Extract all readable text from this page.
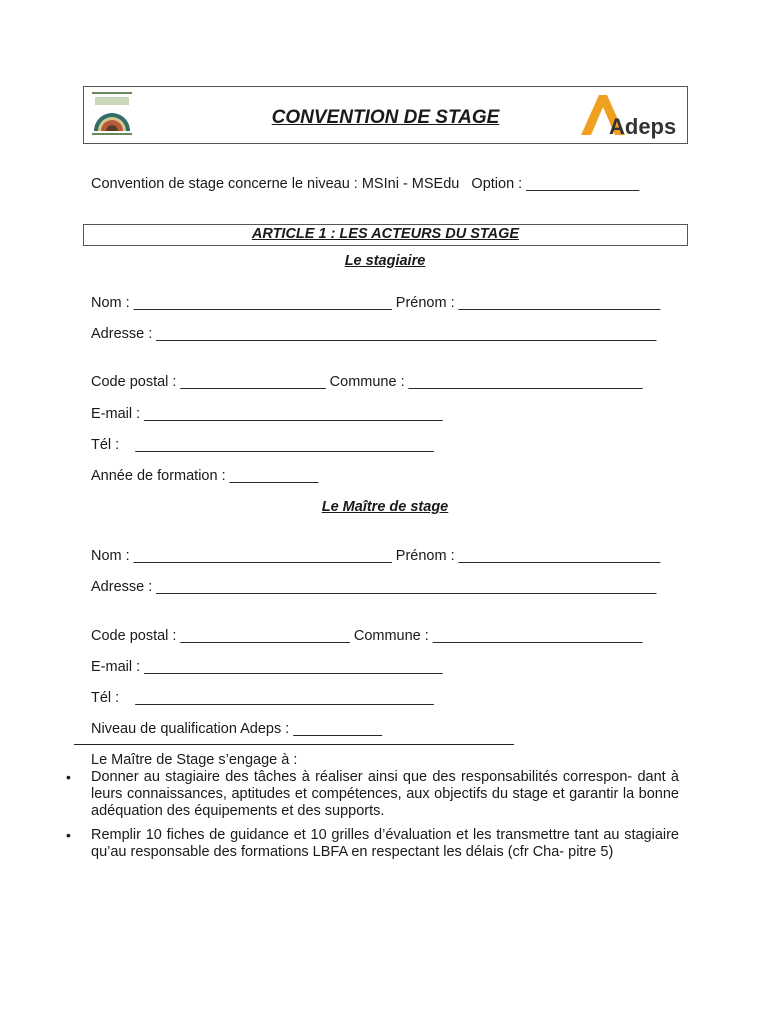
CONVENTION DE STAGE	Adeps
Convention de stage concerne le niveau : MSIni - MSEdu   Option : ______________
ARTICLE 1 : LES ACTEURS DU STAGE
Le stagiaire
Nom : ________________________________ Prénom : _________________________
Adresse : ______________________________________________________________
Code postal : __________________ Commune : _____________________________
E-mail : _____________________________________
Tél :    _____________________________________
Année de formation : ___________
Le Maître de stage
Nom : ________________________________ Prénom : _________________________
Adresse : ______________________________________________________________
Code postal : _____________________ Commune : __________________________
E-mail : _____________________________________
Tél :    _____________________________________
Niveau de qualification Adeps : ___________
Le Maître de Stage s’engage à :
• Donner au stagiaire des tâches à réaliser ainsi que des responsabilités correspon- dant à leurs connaissances, aptitudes et compétences, aux objectifs du stage et garantir la bonne adéquation des équipements et des supports.
• Remplir 10 fiches de guidance et 10 grilles d’évaluation et les transmettre tant au stagiaire qu’au responsable des formations LBFA en respectant les délais (cfr Cha- pitre 5)
